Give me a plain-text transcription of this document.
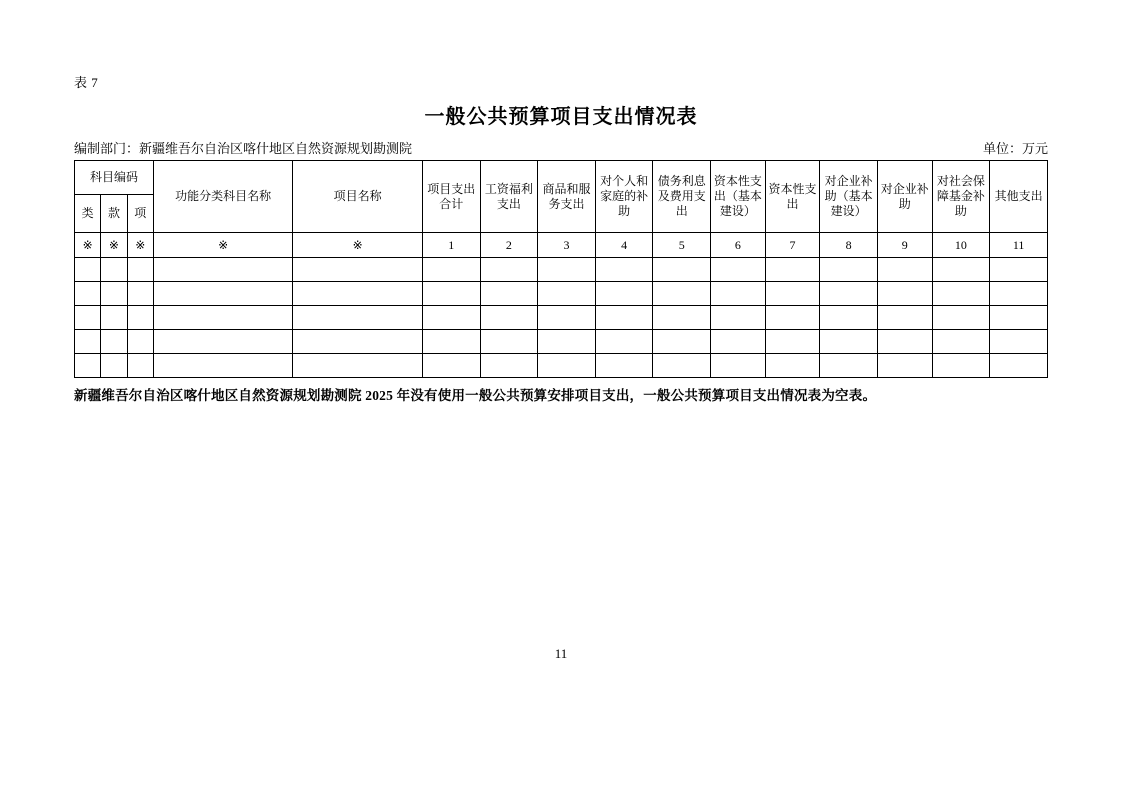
表 7
一般公共预算项目支出情况表
编制部门：新疆维吾尔自治区喀什地区自然资源规划勘测院	单位：万元
科目编码			功能分类科目名称	项目名称	项目支出合计	工资福利支出	商品和服务支出	对个人和家庭的补助	债务利息及费用支出	资本性支出（基本建设）	资本性支出	对企业补助（基本建设）	对企业补助	对社会保障基金补助	其他支出
类	款	项													
※	※	※	※	※	1	2	3	4	5	6	7	8	9	10	11

新疆维吾尔自治区喀什地区自然资源规划勘测院 2025 年没有使用一般公共预算安排项目支出，一般公共预算项目支出情况表为空表。
11
